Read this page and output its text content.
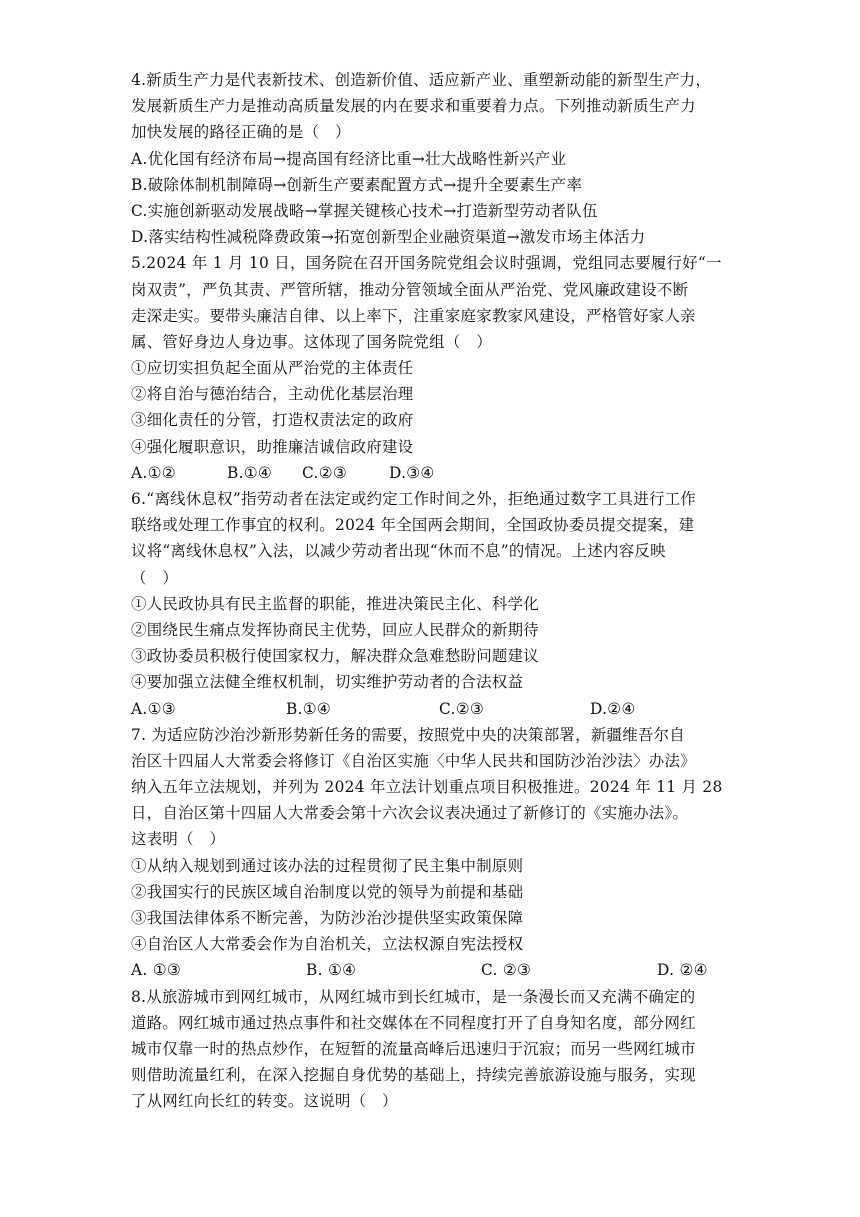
4.新质生产力是代表新技术、创造新价值、适应新产业、重塑新动能的新型生产力，
发展新质生产力是推动高质量发展的内在要求和重要着力点。下列推动新质生产力
加快发展的路径正确的是（　）
A.优化国有经济布局→提高国有经济比重→壮大战略性新兴产业
B.破除体制机制障碍→创新生产要素配置方式→提升全要素生产率
C.实施创新驱动发展战略→掌握关键核心技术→打造新型劳动者队伍
D.落实结构性减税降费政策→拓宽创新型企业融资渠道→激发市场主体活力
5.2024 年 1 月 10 日，国务院在召开国务院党组会议时强调，党组同志要履行好“一
岗双责”，严负其责、严管所辖，推动分管领域全面从严治党、党风廉政建设不断
走深走实。要带头廉洁自律、以上率下，注重家庭家教家风建设，严格管好家人亲
属、管好身边人身边事。这体现了国务院党组（　）
①应切实担负起全面从严治党的主体责任
②将自治与德治结合，主动优化基层治理
③细化责任的分管，打造权责法定的政府
④强化履职意识，助推廉洁诚信政府建设
A.①②	B.①④	C.②③	D.③④
6.“离线休息权”指劳动者在法定或约定工作时间之外，拒绝通过数字工具进行工作
联络或处理工作事宜的权利。2024 年全国两会期间，全国政协委员提交提案，建
议将“离线休息权”入法，以减少劳动者出现“休而不息”的情况。上述内容反映
（　）
①人民政协具有民主监督的职能，推进决策民主化、科学化
②围绕民生痛点发挥协商民主优势，回应人民群众的新期待
③政协委员积极行使国家权力，解决群众急难愁盼问题建议
④要加强立法健全维权机制，切实维护劳动者的合法权益
A.①③	B.①④	C.②③	D.②④
7. 为适应防沙治沙新形势新任务的需要，按照党中央的决策部署，新疆维吾尔自
治区十四届人大常委会将修订《自治区实施〈中华人民共和国防沙治沙法〉办法》
纳入五年立法规划，并列为 2024 年立法计划重点项目积极推进。2024 年 11 月 28
日，自治区第十四届人大常委会第十六次会议表决通过了新修订的《实施办法》。
这表明（　）
①从纳入规划到通过该办法的过程贯彻了民主集中制原则
②我国实行的民族区域自治制度以党的领导为前提和基础
③我国法律体系不断完善，为防沙治沙提供坚实政策保障
④自治区人大常委会作为自治机关，立法权源自宪法授权
A. ①③	B. ①④	C. ②③	D. ②④
8.从旅游城市到网红城市，从网红城市到长红城市，是一条漫长而又充满不确定的
道路。网红城市通过热点事件和社交媒体在不同程度打开了自身知名度，部分网红
城市仅靠一时的热点炒作，在短暂的流量高峰后迅速归于沉寂；而另一些网红城市
则借助流量红利，在深入挖掘自身优势的基础上，持续完善旅游设施与服务，实现
了从网红向长红的转变。这说明（　）
